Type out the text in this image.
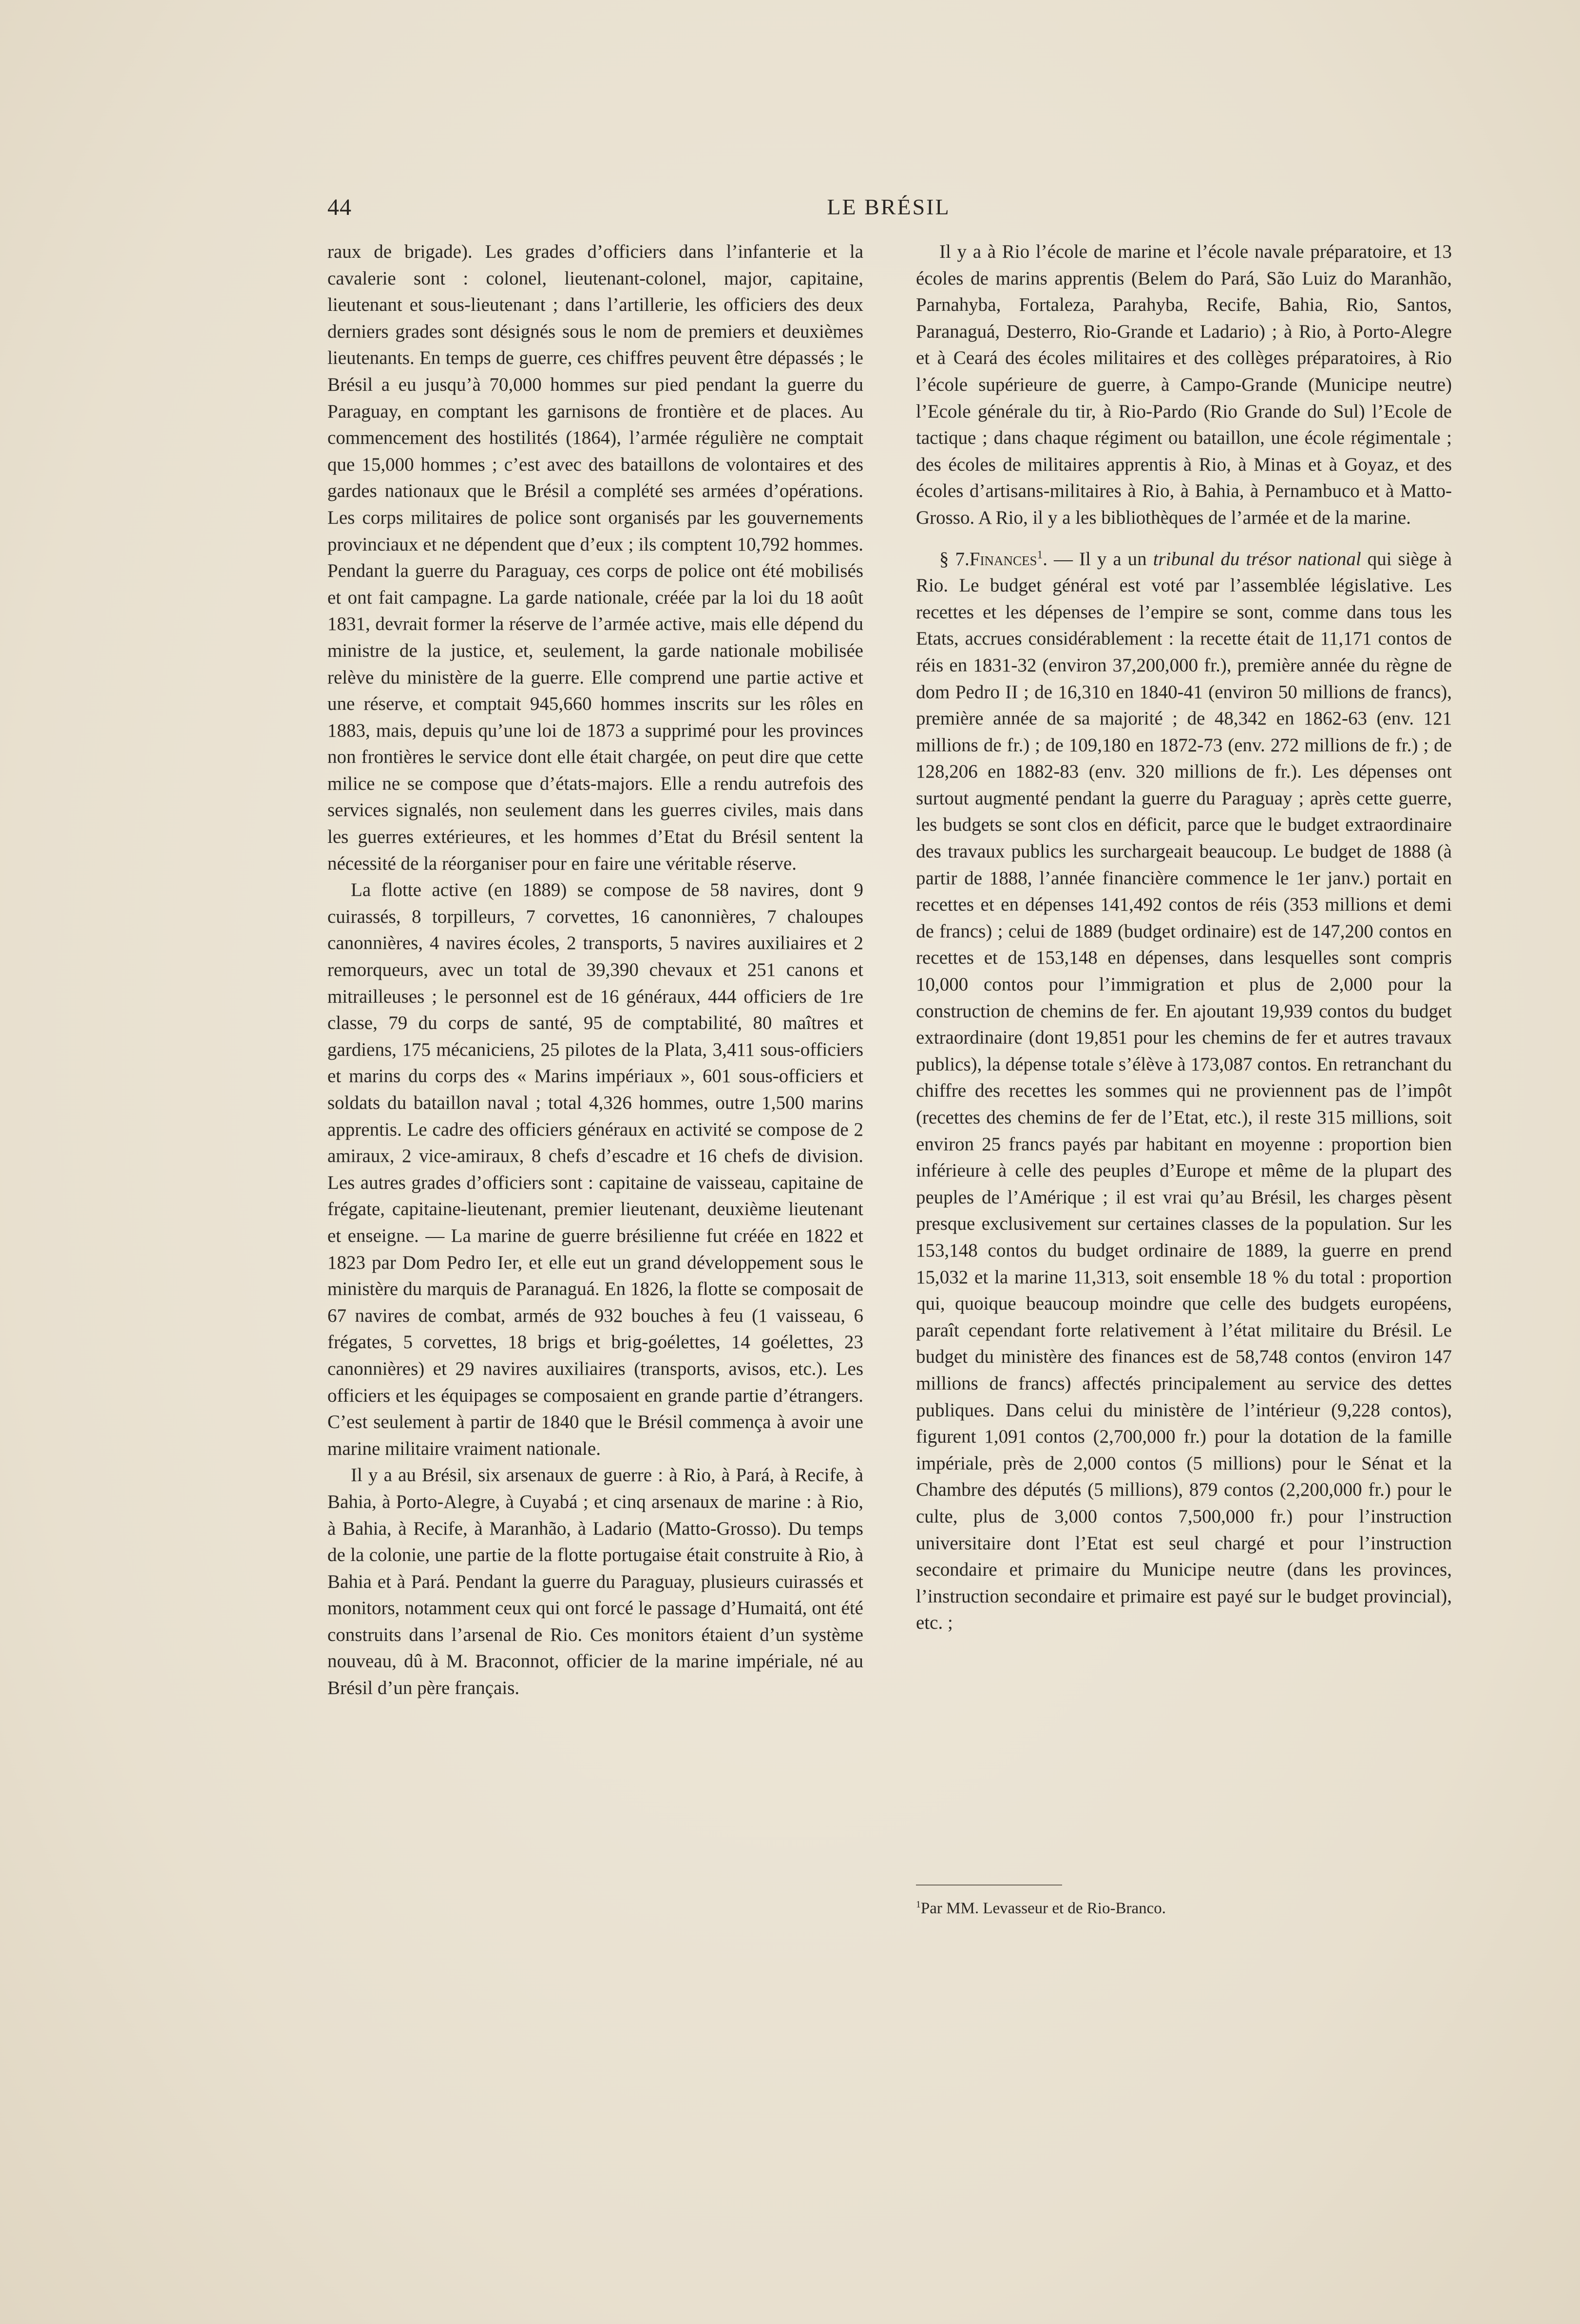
44	LE BRÉSIL

raux de brigade). Les grades d’officiers dans l’infanterie et la cavalerie sont : colonel, lieutenant-colonel, major, capitaine, lieutenant et sous-lieutenant ; dans l’artillerie, les officiers des deux derniers grades sont désignés sous le nom de premiers et deuxièmes lieutenants. En temps de guerre, ces chiffres peuvent être dépassés ; le Brésil a eu jusqu’à 70,000 hommes sur pied pendant la guerre du Paraguay, en comptant les garnisons de frontière et de places. Au commencement des hostilités (1864), l’armée régulière ne comptait que 15,000 hommes ; c’est avec des bataillons de volontaires et des gardes nationaux que le Brésil a complété ses armées d’opérations. Les corps militaires de police sont organisés par les gouvernements provinciaux et ne dépendent que d’eux ; ils comptent 10,792 hommes. Pendant la guerre du Paraguay, ces corps de police ont été mobilisés et ont fait campagne. La garde nationale, créée par la loi du 18 août 1831, devrait former la réserve de l’armée active, mais elle dépend du ministre de la justice, et, seulement, la garde nationale mobilisée relève du ministère de la guerre. Elle comprend une partie active et une réserve, et comptait 945,660 hommes inscrits sur les rôles en 1883, mais, depuis qu’une loi de 1873 a supprimé pour les provinces non frontières le service dont elle était chargée, on peut dire que cette milice ne se compose que d’états-majors. Elle a rendu autrefois des services signalés, non seulement dans les guerres civiles, mais dans les guerres extérieures, et les hommes d’Etat du Brésil sentent la nécessité de la réorganiser pour en faire une véritable réserve.

La flotte active (en 1889) se compose de 58 navires, dont 9 cuirassés, 8 torpilleurs, 7 corvettes, 16 canonnières, 7 chaloupes canonnières, 4 navires écoles, 2 transports, 5 navires auxiliaires et 2 remorqueurs, avec un total de 39,390 chevaux et 251 canons et mitrailleuses ; le personnel est de 16 généraux, 444 officiers de 1re classe, 79 du corps de santé, 95 de comptabilité, 80 maîtres et gardiens, 175 mécaniciens, 25 pilotes de la Plata, 3,411 sous-officiers et marins du corps des « Marins impériaux », 601 sous-officiers et soldats du bataillon naval ; total 4,326 hommes, outre 1,500 marins apprentis. Le cadre des officiers généraux en activité se compose de 2 amiraux, 2 vice-amiraux, 8 chefs d’escadre et 16 chefs de division. Les autres grades d’officiers sont : capitaine de vaisseau, capitaine de frégate, capitaine-lieutenant, premier lieutenant, deuxième lieutenant et enseigne. — La marine de guerre brésilienne fut créée en 1822 et 1823 par Dom Pedro Ier, et elle eut un grand développement sous le ministère du marquis de Paranaguá. En 1826, la flotte se composait de 67 navires de combat, armés de 932 bouches à feu (1 vaisseau, 6 frégates, 5 corvettes, 18 brigs et brig-goélettes, 14 goélettes, 23 canonnières) et 29 navires auxiliaires (transports, avisos, etc.). Les officiers et les équipages se composaient en grande partie d’étrangers. C’est seulement à partir de 1840 que le Brésil commença à avoir une marine militaire vraiment nationale.

Il y a au Brésil, six arsenaux de guerre : à Rio, à Pará, à Recife, à Bahia, à Porto-Alegre, à Cuyabá ; et cinq arsenaux de marine : à Rio, à Bahia, à Recife, à Maranhão, à Ladario (Matto-Grosso). Du temps de la colonie, une partie de la flotte portugaise était construite à Rio, à Bahia et à Pará. Pendant la guerre du Paraguay, plusieurs cuirassés et monitors, notamment ceux qui ont forcé le passage d’Humaitá, ont été construits dans l’arsenal de Rio. Ces monitors étaient d’un système nouveau, dû à M. Braconnot, officier de la marine impériale, né au Brésil d’un père français.

Il y a à Rio l’école de marine et l’école navale préparatoire, et 13 écoles de marins apprentis (Belem do Pará, São Luiz do Maranhão, Parnahyba, Fortaleza, Parahyba, Recife, Bahia, Rio, Santos, Paranaguá, Desterro, Rio-Grande et Ladario) ; à Rio, à Porto-Alegre et à Ceará des écoles militaires et des collèges préparatoires, à Rio l’école supérieure de guerre, à Campo-Grande (Municipe neutre) l’Ecole générale du tir, à Rio-Pardo (Rio Grande do Sul) l’Ecole de tactique ; dans chaque régiment ou bataillon, une école régimentale ; des écoles de militaires apprentis à Rio, à Minas et à Goyaz, et des écoles d’artisans-militaires à Rio, à Bahia, à Pernambuco et à Matto-Grosso. A Rio, il y a les bibliothèques de l’armée et de la marine.

§ 7.Finances$^1$. — Il y a un tribunal du trésor national qui siège à Rio. Le budget général est voté par l’assemblée législative. Les recettes et les dépenses de l’empire se sont, comme dans tous les Etats, accrues considérablement : la recette était de 11,171 contos de réis en 1831-32 (environ 37,200,000 fr.), première année du règne de dom Pedro II ; de 16,310 en 1840-41 (environ 50 millions de francs), première année de sa majorité ; de 48,342 en 1862-63 (env. 121 millions de fr.) ; de 109,180 en 1872-73 (env. 272 millions de fr.) ; de 128,206 en 1882-83 (env. 320 millions de fr.). Les dépenses ont surtout augmenté pendant la guerre du Paraguay ; après cette guerre, les budgets se sont clos en déficit, parce que le budget extraordinaire des travaux publics les surchargeait beaucoup. Le budget de 1888 (à partir de 1888, l’année financière commence le 1er janv.) portait en recettes et en dépenses 141,492 contos de réis (353 millions et demi de francs) ; celui de 1889 (budget ordinaire) est de 147,200 contos en recettes et de 153,148 en dépenses, dans lesquelles sont compris 10,000 contos pour l’immigration et plus de 2,000 pour la construction de chemins de fer. En ajoutant 19,939 contos du budget extraordinaire (dont 19,851 pour les chemins de fer et autres travaux publics), la dépense totale s’élève à 173,087 contos. En retranchant du chiffre des recettes les sommes qui ne proviennent pas de l’impôt (recettes des chemins de fer de l’Etat, etc.), il reste 315 millions, soit environ 25 francs payés par habitant en moyenne : proportion bien inférieure à celle des peuples d’Europe et même de la plupart des peuples de l’Amérique ; il est vrai qu’au Brésil, les charges pèsent presque exclusivement sur certaines classes de la population. Sur les 153,148 contos du budget ordinaire de 1889, la guerre en prend 15,032 et la marine 11,313, soit ensemble 18 % du total : proportion qui, quoique beaucoup moindre que celle des budgets européens, paraît cependant forte relativement à l’état militaire du Brésil. Le budget du ministère des finances est de 58,748 contos (environ 147 millions de francs) affectés principalement au service des dettes publiques. Dans celui du ministère de l’intérieur (9,228 contos), figurent 1,091 contos (2,700,000 fr.) pour la dotation de la famille impériale, près de 2,000 contos (5 millions) pour le Sénat et la Chambre des députés (5 millions), 879 contos (2,200,000 fr.) pour le culte, plus de 3,000 contos 7,500,000 fr.) pour l’instruction universitaire dont l’Etat est seul chargé et pour l’instruction secondaire et primaire du Municipe neutre (dans les provinces, l’instruction secondaire et primaire est payé sur le budget provincial), etc. ;

$^1$Par MM. Levasseur et de Rio-Branco.
